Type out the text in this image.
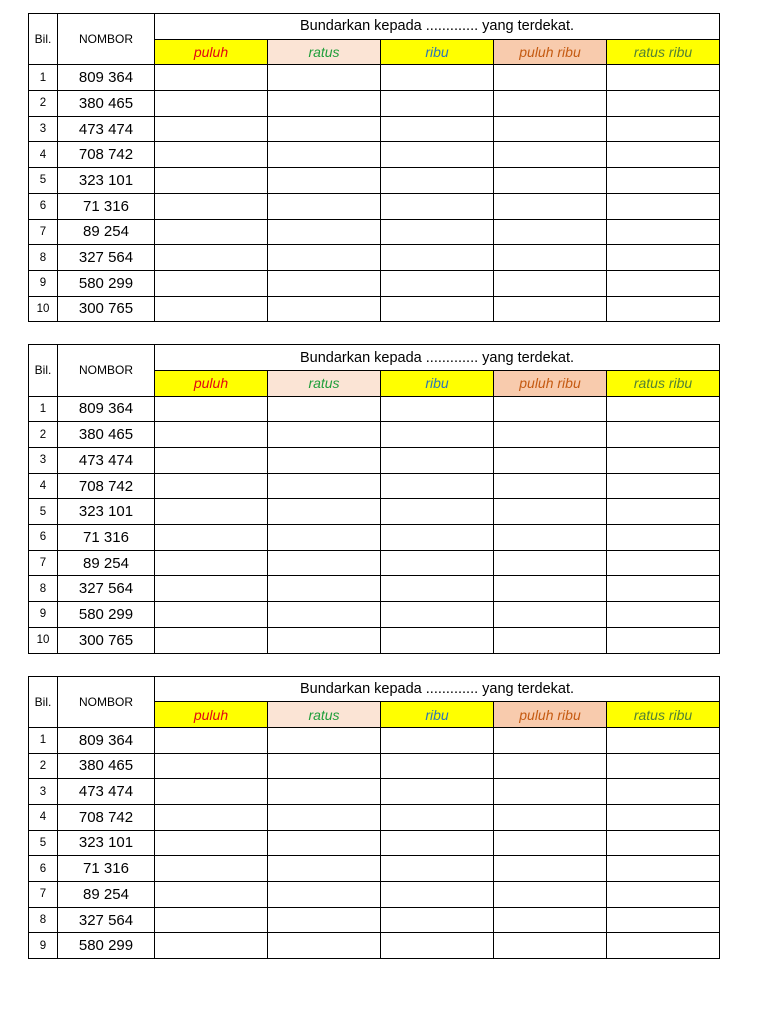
Bil.	NOMBOR	Bundarkan kepada ............. yang terdekat.				
		puluh	ratus	ribu	puluh ribu	ratus ribu
1	809 364					
2	380 465					
3	473 474					
4	708 742					
5	323 101					
6	71 316					
7	89 254					
8	327 564					
9	580 299					
10	300 765					
Bil.	NOMBOR	Bundarkan kepada ............. yang terdekat.				
		puluh	ratus	ribu	puluh ribu	ratus ribu
1	809 364					
2	380 465					
3	473 474					
4	708 742					
5	323 101					
6	71 316					
7	89 254					
8	327 564					
9	580 299					
10	300 765					
Bil.	NOMBOR	Bundarkan kepada ............. yang terdekat.				
		puluh	ratus	ribu	puluh ribu	ratus ribu
1	809 364					
2	380 465					
3	473 474					
4	708 742					
5	323 101					
6	71 316					
7	89 254					
8	327 564					
9	580 299					
